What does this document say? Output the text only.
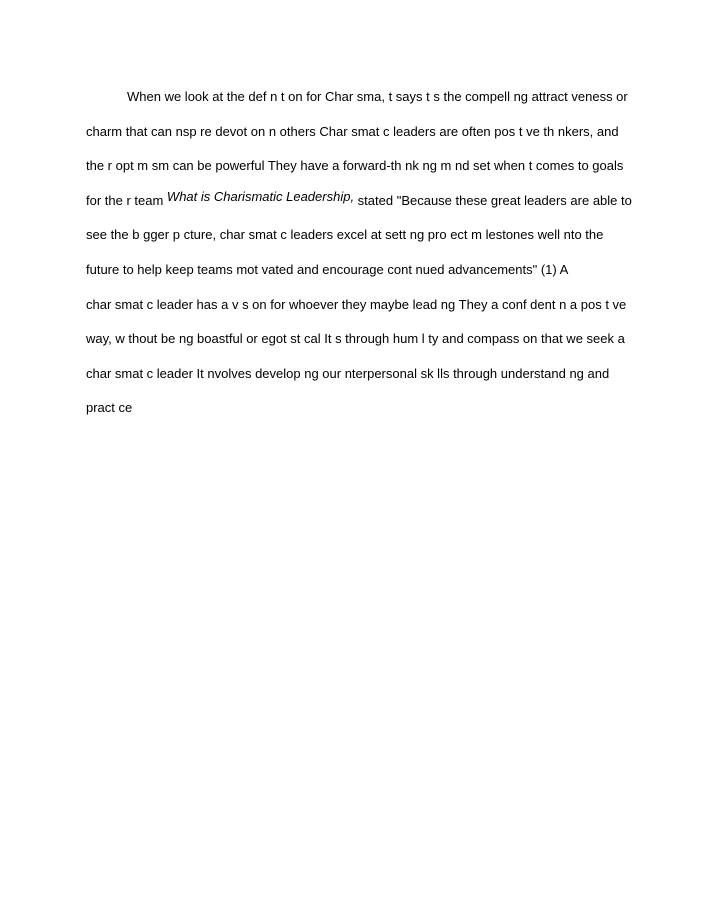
When we look at the def n t on for Char sma, t says t s the compell ng attract veness or
charm that can nsp re devot on n others Char smat c leaders are often pos t ve th nkers, and
the r opt m sm can be powerful They have a forward-th nk ng m nd set when t comes to goals
for the r team What is Charismatic Leadership, stated "Because these great leaders are able to
see the b gger p cture, char smat c leaders excel at sett ng pro ect m lestones well nto the
future to help keep teams mot vated and encourage cont nued advancements" (1) A
char smat c leader has a v s on for whoever they maybe lead ng They a conf dent n a pos t ve
way, w thout be ng boastful or egot st cal It s through hum l ty and compass on that we seek a
char smat c leader It nvolves develop ng our nterpersonal sk lls through understand ng and
pract ce
